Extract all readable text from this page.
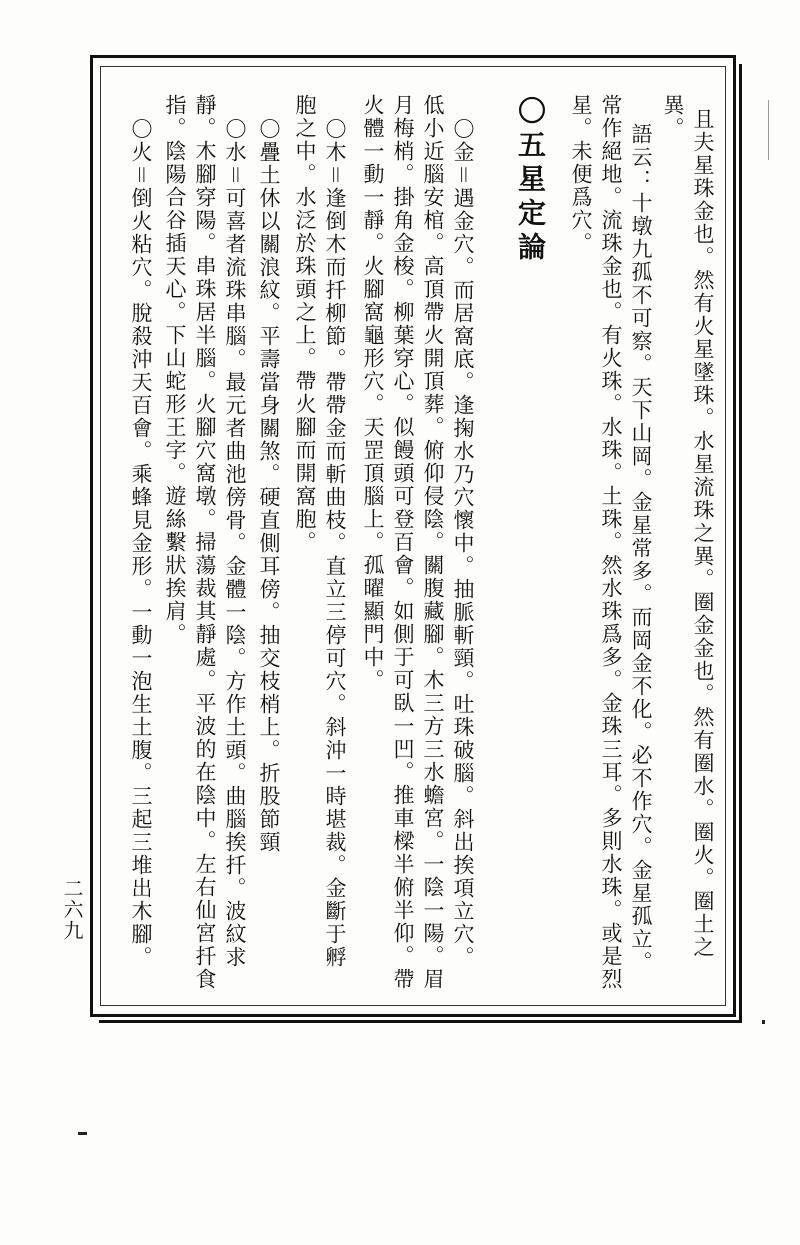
且夫星珠金也。然有火星墜珠。水星流珠之異。圈金金也。然有圈水。圈火。圈土之
異。
語云：十墩九孤不可察。天下山岡。金星常多。而岡金不化。必不作穴。金星孤立。
常作絕地。流珠金也。有火珠。水珠。土珠。然水珠爲多。金珠三耳。多則水珠。或是烈
星。未便爲穴。
〇五星定論
〇金＝遇金穴。而居窩底。逢掬水乃穴懷中。抽脈斬頸。吐珠破腦。斜出挨項立穴。
低小近腦安棺。高頂帶火開頂葬。俯仰侵陰。關腹藏腳。木三方三水蟾宮。一陰一陽。眉
月梅梢。掛角金梭。柳葉穿心。似饅頭可登百會。如側于可臥一凹。推車樑半俯半仰。帶
火體一動一靜。火腳窩龜形穴。天罡頂腦上。孤曜顯門中。
〇木＝逢倒木而扦柳節。帶帶金而斬曲枝。直立三停可穴。斜沖一時堪裁。金斷于孵
胞之中。水泛於珠頭之上。帶火腳而開窩胞。
〇疊土休以關浪紋。平壽當身關煞。硬直側耳傍。抽交枝梢上。折股節頸
〇水＝可喜者流珠串腦。最元者曲池傍骨。金體一陰。方作土頭。曲腦挨扦。波紋求
靜。木腳穿陽。串珠居半腦。火腳穴窩墩。掃蕩裁其靜處。平波的在陰中。左右仙宮扦食
指。陰陽合谷插天心。下山蛇形王字。遊絲繫狀挨肩。
〇火＝倒火粘穴。脫殺沖天百會。乘蜂見金形。一動一泡生土腹。三起三堆出木腳。
二六九
